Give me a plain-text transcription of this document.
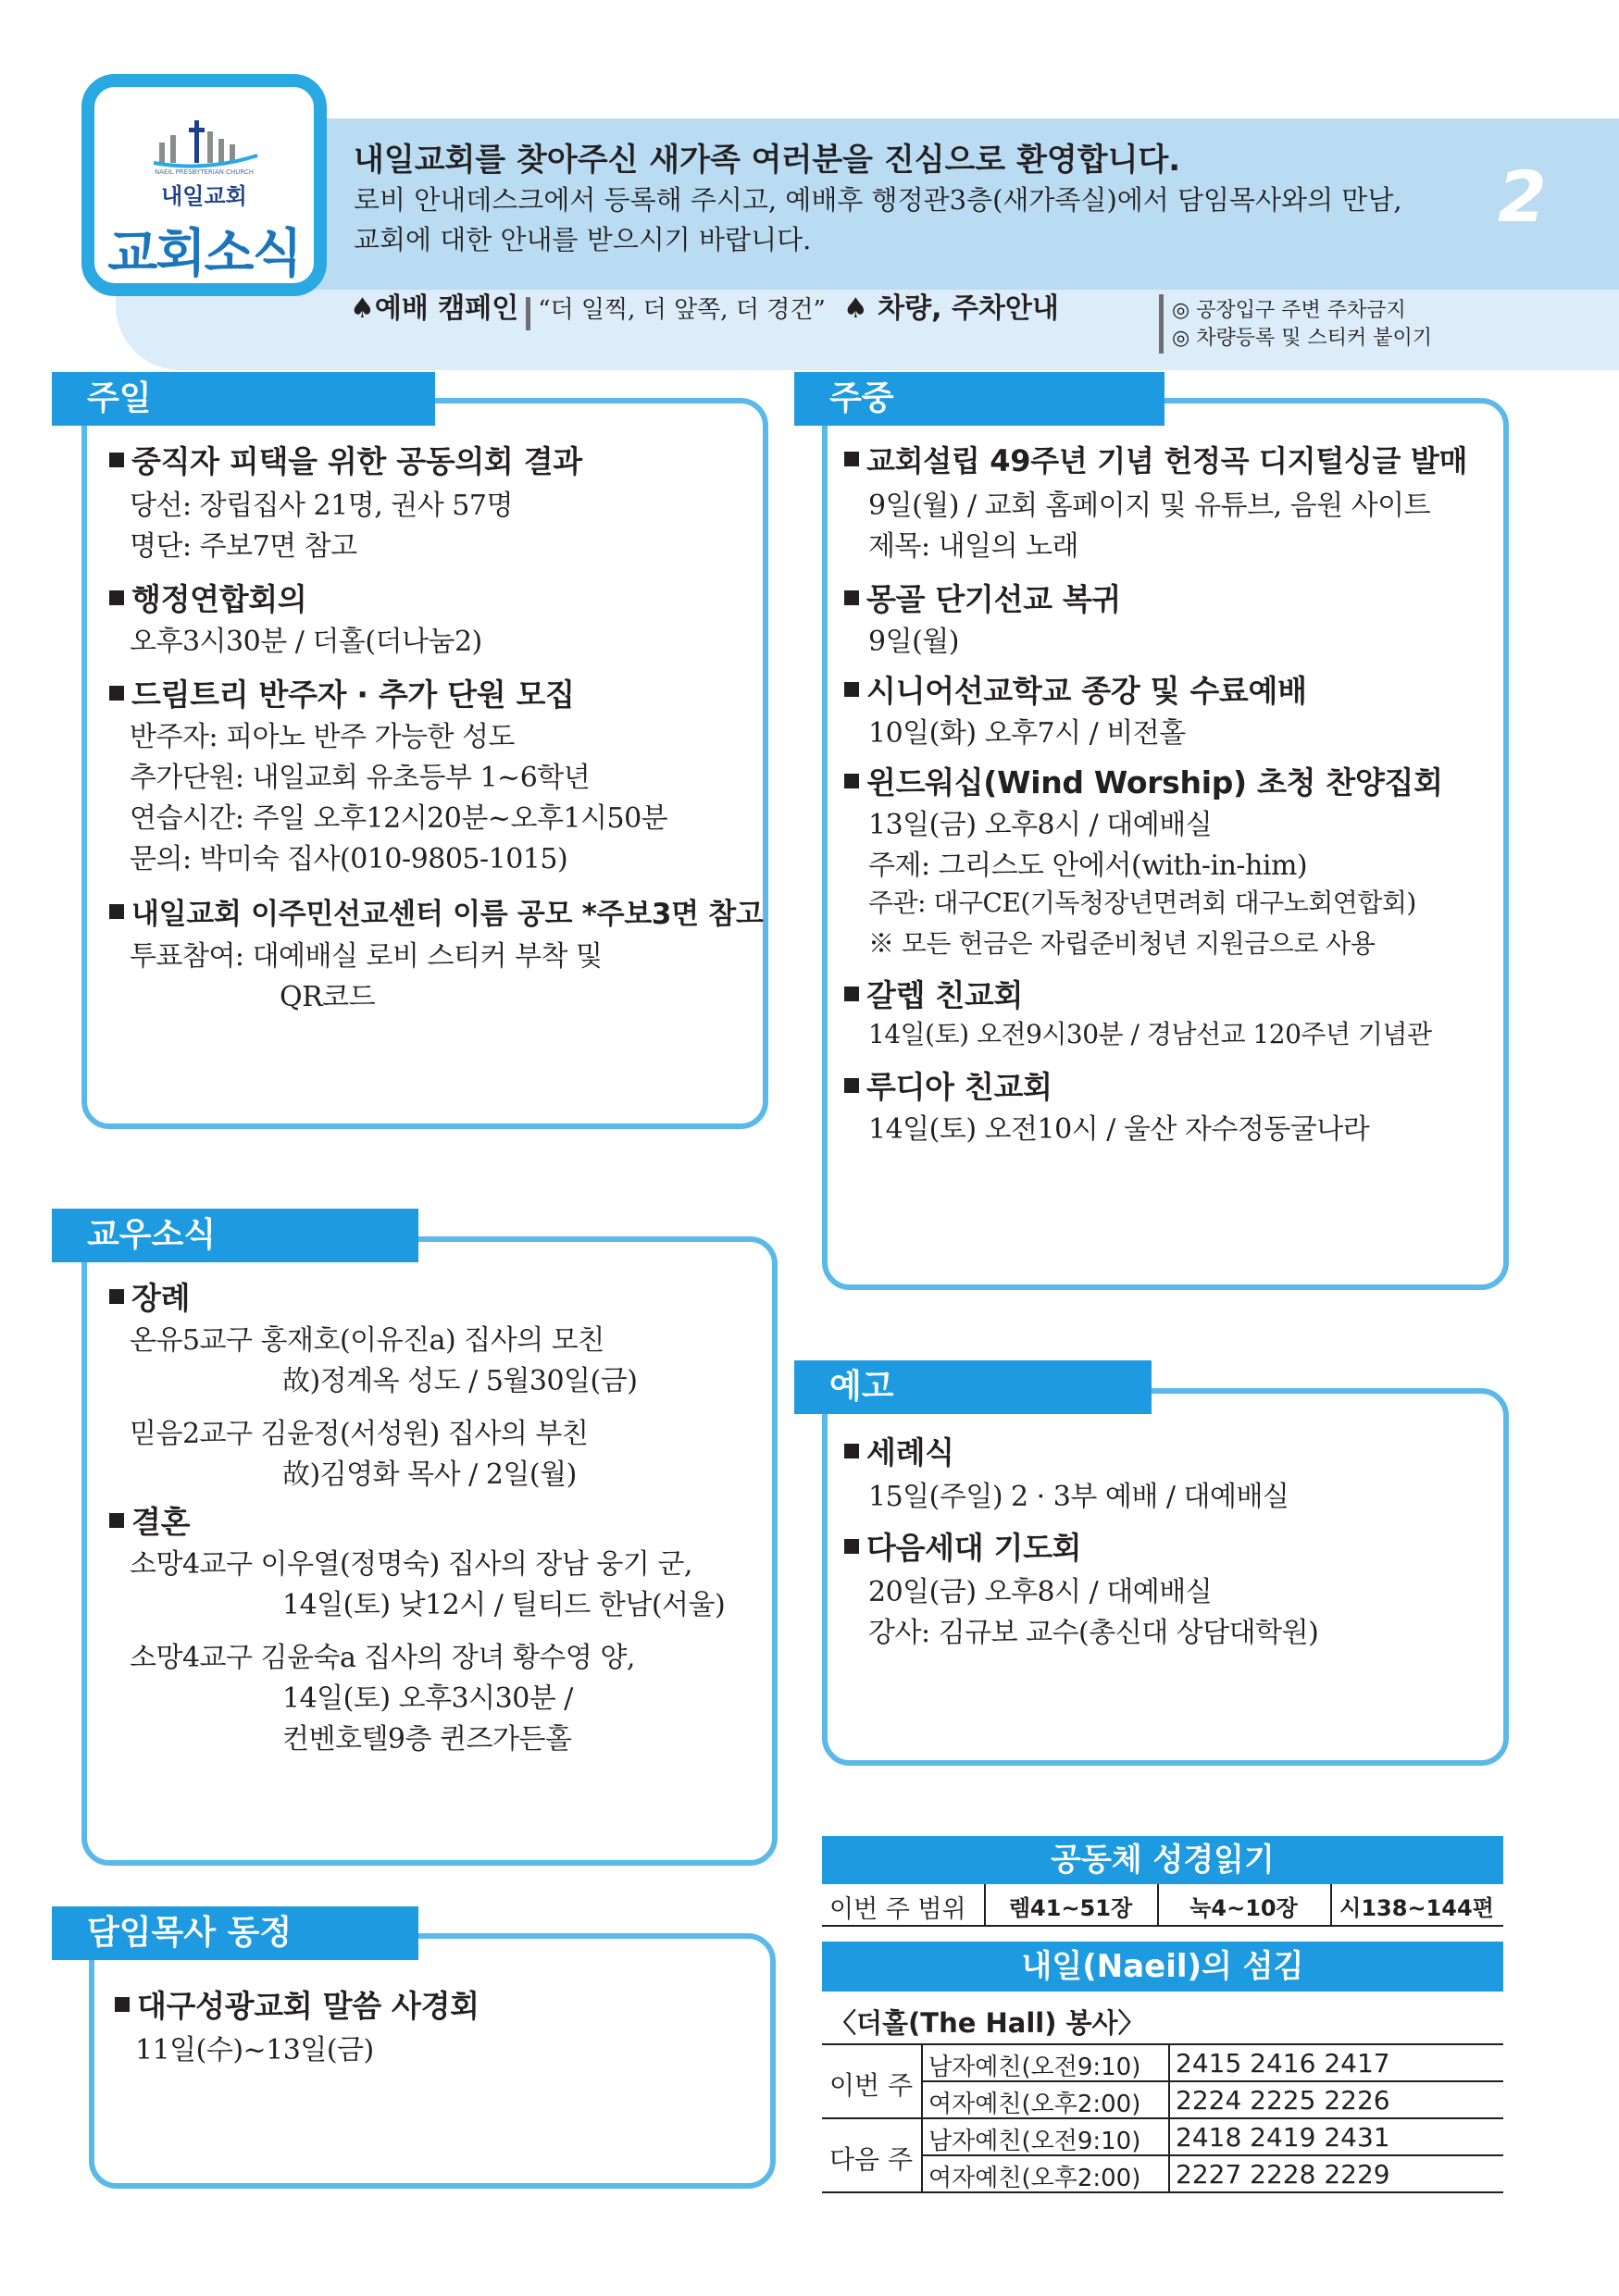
NAEIL PRESBYTERIAN CHURCH
내일교회
교회소식
내일교회를 찾아주신 새가족 여러분을 진심으로 환영합니다.
로비 안내데스크에서 등록해 주시고, 예배후 행정관3층(새가족실)에서 담임목사와의 만남,
교회에 대한 안내를 받으시기 바랍니다.
2
♠예배 캠페인 “더 일찍, 더 앞쪽, 더 경건” ♠ 차량, 주차안내	◎ 공장입구 주변 주차금지
◎ 차량등록 및 스티커 붙이기
주일
중직자 피택을 위한 공동의회 결과
당선: 장립집사 21명, 권사 57명
명단: 주보7면 참고
행정연합회의
오후3시30분 / 더홀(더나눔2)
드림트리 반주자 · 추가 단원 모집
반주자: 피아노 반주 가능한 성도
추가단원: 내일교회 유초등부 1~6학년
연습시간: 주일 오후12시20분~오후1시50분
문의: 박미숙 집사(010-9805-1015)
내일교회 이주민선교센터 이름 공모 *주보3면 참고
투표참여: 대예배실 로비 스티커 부착 및
QR코드
주중
교회설립 49주년 기념 헌정곡 디지털싱글 발매
9일(월) / 교회 홈페이지 및 유튜브, 음원 사이트
제목: 내일의 노래
몽골 단기선교 복귀
9일(월)
시니어선교학교 종강 및 수료예배
10일(화) 오후7시 / 비전홀
윈드워십(Wind Worship) 초청 찬양집회
13일(금) 오후8시 / 대예배실
주제: 그리스도 안에서(with-in-him)
주관: 대구CE(기독청장년면려회 대구노회연합회)
※ 모든 헌금은 자립준비청년 지원금으로 사용
갈렙 친교회
14일(토) 오전9시30분 / 경남선교 120주년 기념관
루디아 친교회
14일(토) 오전10시 / 울산 자수정동굴나라
교우소식
장례
온유5교구 홍재호(이유진a) 집사의 모친
故)정계옥 성도 / 5월30일(금)
믿음2교구 김윤정(서성원) 집사의 부친
故)김영화 목사 / 2일(월)
결혼
소망4교구 이우열(정명숙) 집사의 장남 웅기 군,
14일(토) 낮12시 / 틸티드 한남(서울)
소망4교구 김윤숙a 집사의 장녀 황수영 양,
14일(토) 오후3시30분 /
컨벤호텔9층 퀸즈가든홀
예고
세례식
15일(주일) 2 · 3부 예배 / 대예배실
다음세대 기도회
20일(금) 오후8시 / 대예배실
강사: 김규보 교수(총신대 상담대학원)
담임목사 동정
대구성광교회 말씀 사경회
11일(수)~13일(금)
공동체 성경읽기
이번 주 범위	렘41~51장	눅4~10장	시138~144편
내일(Naeil)의 섬김
〈더홀(The Hall) 봉사〉
이번 주
남자예친(오전9:10) 2415 2416 2417
여자예친(오후2:00) 2224 2225 2226
다음 주
남자예친(오전9:10) 2418 2419 2431
여자예친(오후2:00) 2227 2228 2229
